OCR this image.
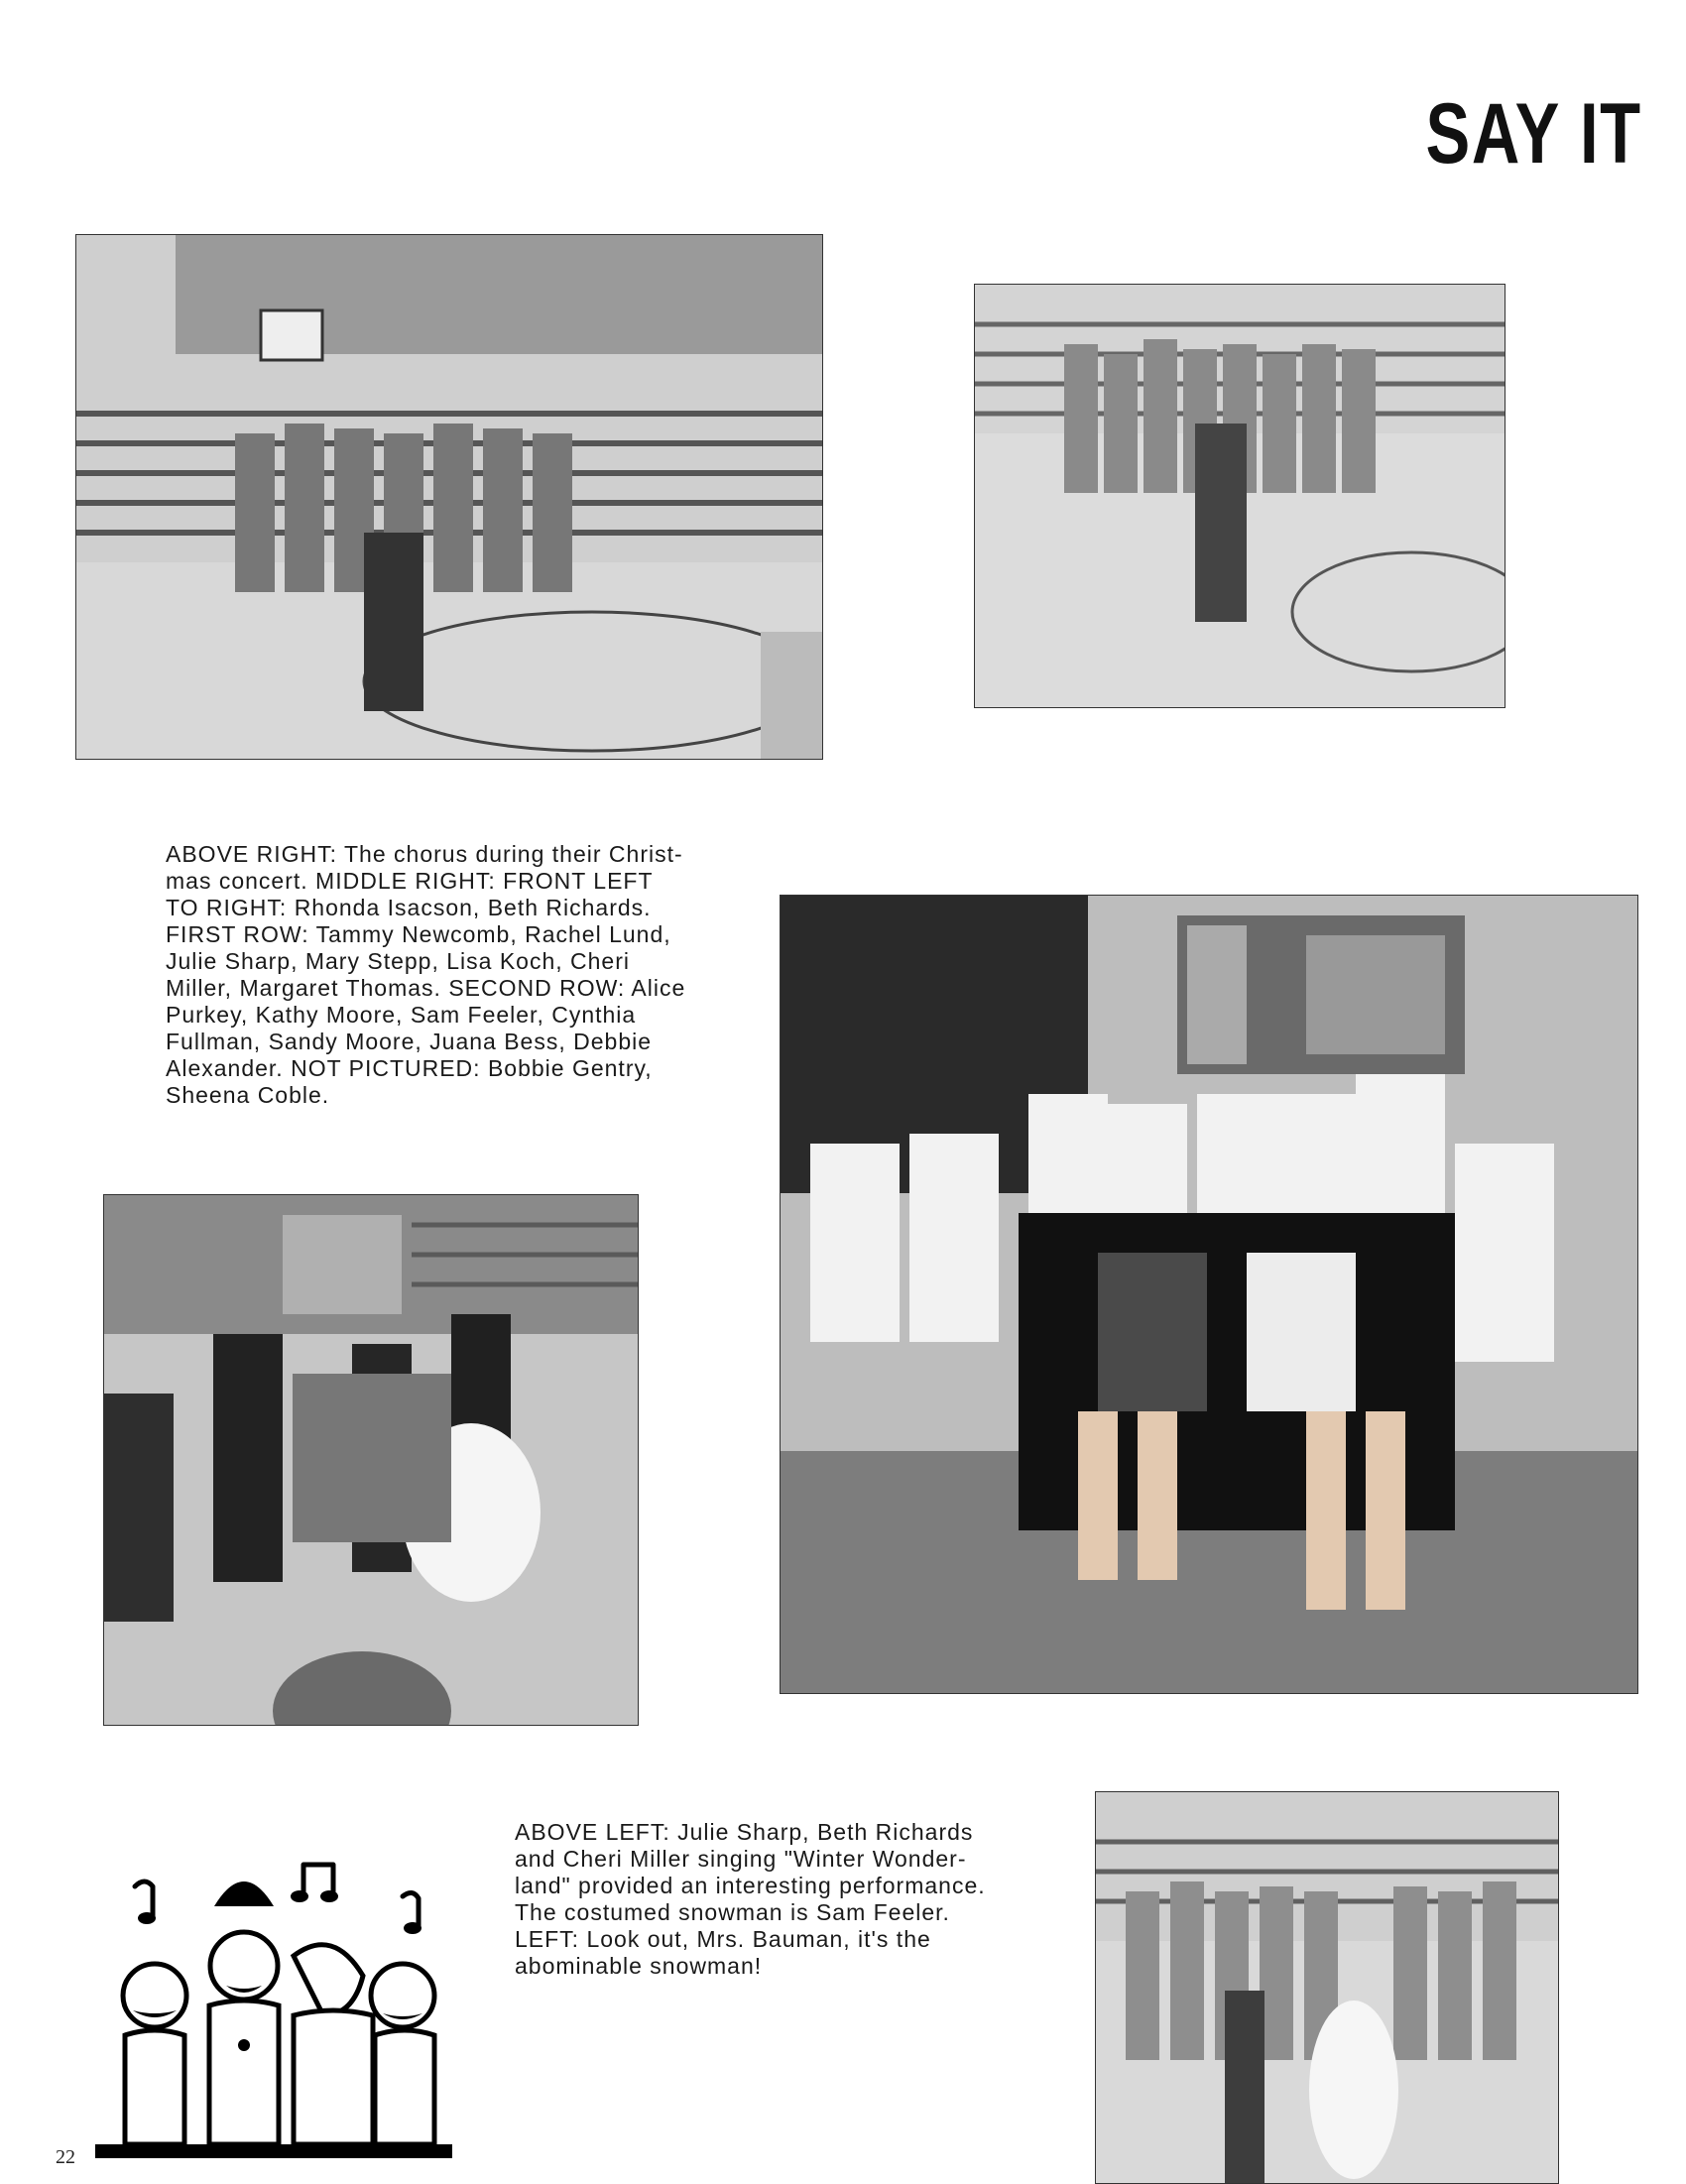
SAY IT
ABOVE RIGHT: The chorus during their Christ-
mas concert. MIDDLE RIGHT: FRONT LEFT
TO RIGHT: Rhonda Isacson, Beth Richards.
FIRST ROW: Tammy Newcomb, Rachel Lund,
Julie Sharp, Mary Stepp, Lisa Koch, Cheri
Miller, Margaret Thomas. SECOND ROW: Alice
Purkey, Kathy Moore, Sam Feeler, Cynthia
Fullman, Sandy Moore, Juana Bess, Debbie
Alexander. NOT PICTURED: Bobbie Gentry,
Sheena Coble.
ABOVE LEFT: Julie Sharp, Beth Richards
and Cheri Miller singing "Winter Wonder-
land" provided an interesting performance.
The costumed snowman is Sam Feeler.
LEFT: Look out, Mrs. Bauman, it's the
abominable snowman!
22
